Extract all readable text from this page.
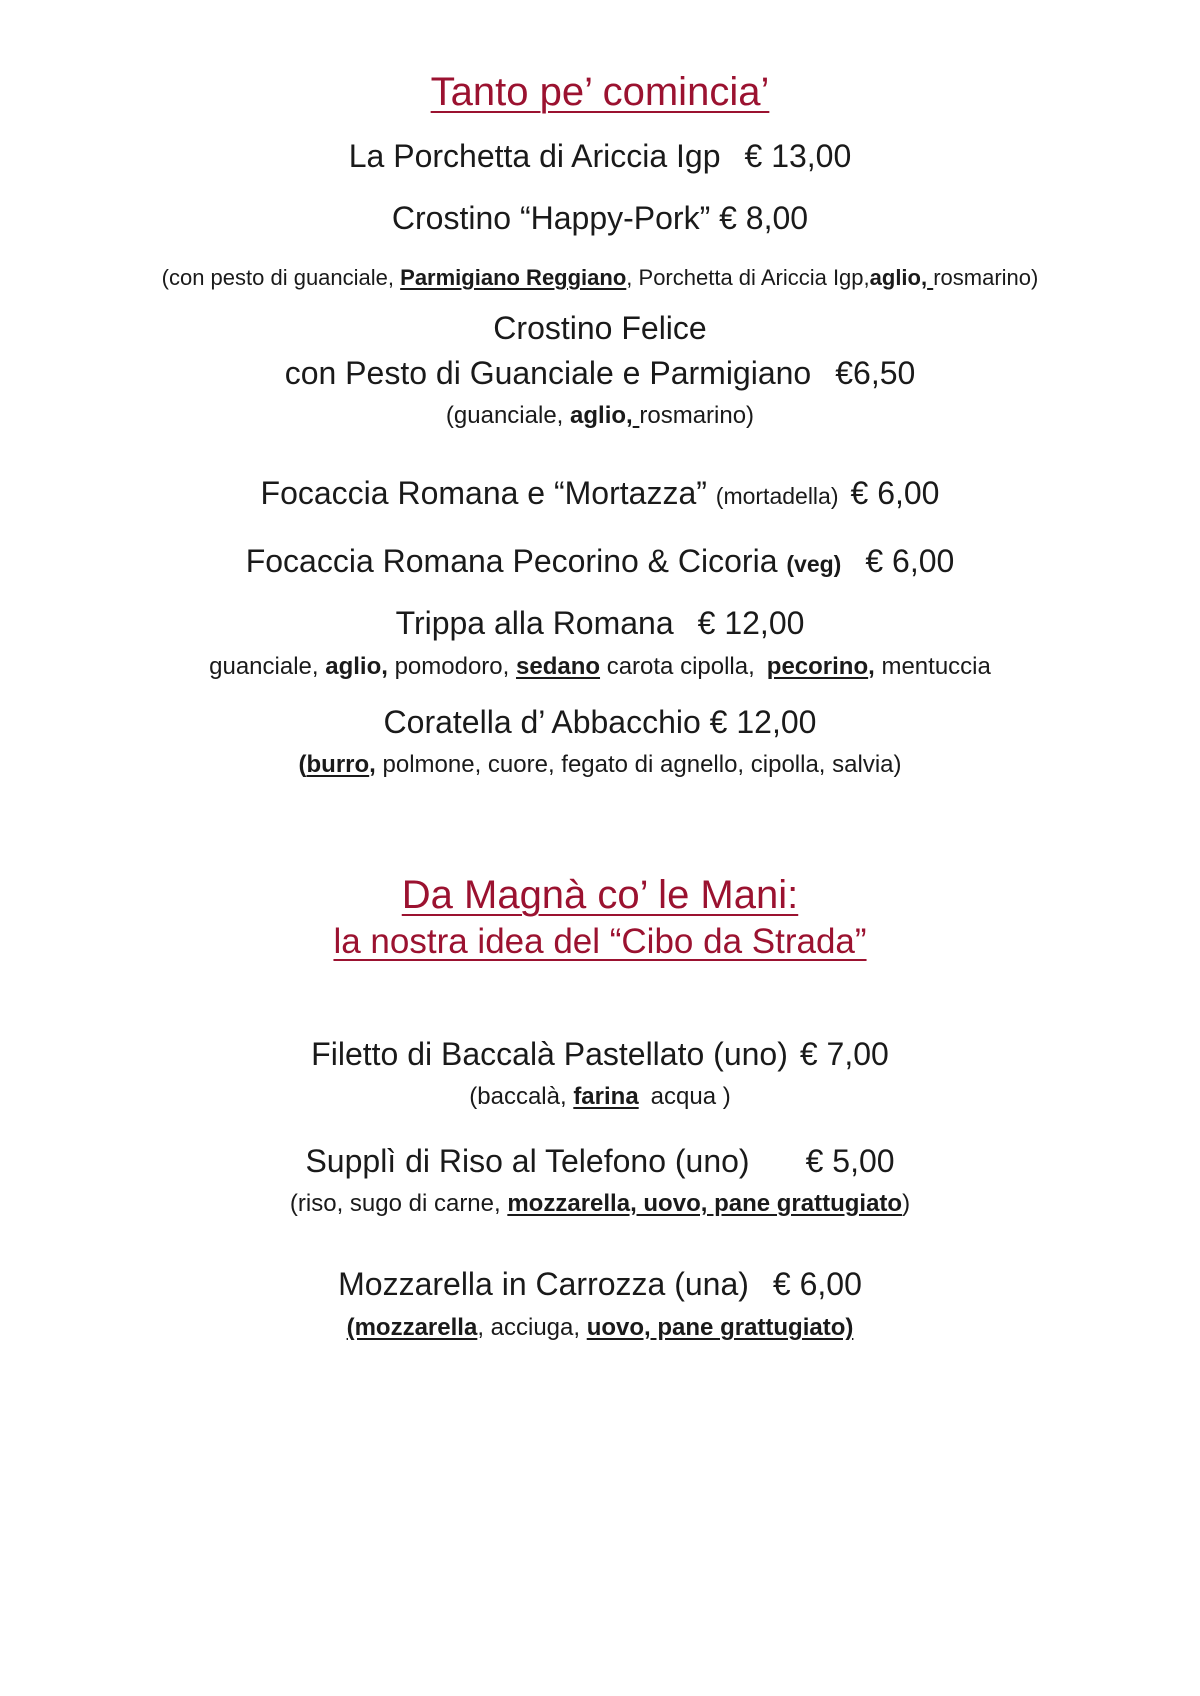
Tanto pe’ comincia’
La Porchetta di Ariccia Igp € 13,00
Crostino “Happy-Pork” € 8,00
(con pesto di guanciale, Parmigiano Reggiano, Porchetta di Ariccia Igp,aglio, rosmarino)
Crostino Felice
con Pesto di Guanciale e Parmigiano €6,50
(guanciale, aglio, rosmarino)
Focaccia Romana e “Mortazza” (mortadella) € 6,00
Focaccia Romana Pecorino & Cicoria (veg) € 6,00
Trippa alla Romana € 12,00
guanciale, aglio, pomodoro, sedano carota cipolla, pecorino, mentuccia
Coratella d’ Abbacchio € 12,00
(burro, polmone, cuore, fegato di agnello, cipolla, salvia)
Da Magnà co’ le Mani:
la nostra idea del “Cibo da Strada”
Filetto di Baccalà Pastellato (uno) € 7,00
(baccalà, farina acqua )
Supplì di Riso al Telefono (uno) € 5,00
(riso, sugo di carne, mozzarella, uovo, pane grattugiato)
Mozzarella in Carrozza (una) € 6,00
(mozzarella, acciuga, uovo, pane grattugiato)
